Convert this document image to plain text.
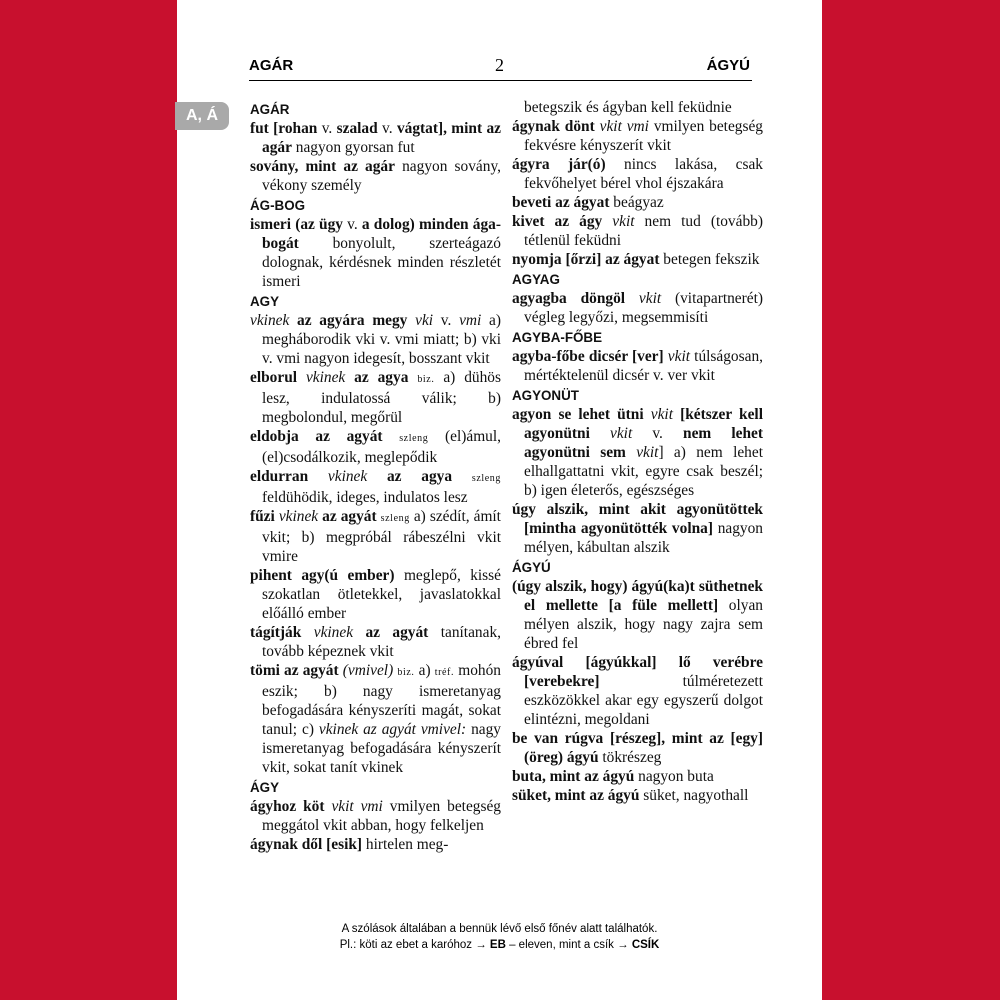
AGÁR	2	ÁGYÚ
A, Á	AGÁR
fut [rohan v. szalad v. vágtat], mint az agár nagyon gyorsan fut
sovány, mint az agár nagyon sovány, vékony személy
ÁG-BOG
ismeri (az ügy v. a dolog) minden ága-bogát bonyolult, szerteágazó dolognak, kérdésnek minden részletét ismeri
AGY
vkinek az agyára megy vki v. vmi a) megháborodik vki v. vmi miatt; b) vki v. vmi nagyon idegesít, bosszant vkit
elborul vkinek az agya biz. a) dühös lesz, indulatossá válik; b) megbolondul, megőrül
eldobja az agyát szleng (el)ámul, (el)csodálkozik, meglepődik
eldurran vkinek az agya szleng feldühödik, ideges, indulatos lesz
fűzi vkinek az agyát szleng a) szédít, ámít vkit; b) megpróbál rábeszélni vkit vmire
pihent agy(ú ember) meglepő, kissé szokatlan ötletekkel, javaslatokkal előálló ember
tágítják vkinek az agyát tanítanak, tovább képeznek vkit
tömi az agyát (vmivel) biz. a) tréf. mohón eszik; b) nagy ismeretanyag befogadására kényszeríti magát, sokat tanul; c) vkinek az agyát vmivel: nagy ismeretanyag befogadására kényszerít vkit, sokat tanít vkinek
ÁGY
ágyhoz köt vkit vmi vmilyen betegség meggátol vkit abban, hogy felkeljen
ágynak dől [esik] hirtelen meg-
betegszik és ágyban kell feküdnie
ágynak dönt vkit vmi vmilyen betegség fekvésre kényszerít vkit
ágyra jár(ó) nincs lakása, csak fekvőhelyet bérel vhol éjszakára
beveti az ágyat beágyaz
kivet az ágy vkit nem tud (tovább) tétlenül feküdni
nyomja [őrzi] az ágyat betegen fekszik
AGYAG
agyagba döngöl vkit (vitapartnerét) végleg legyőzi, megsemmisíti
AGYBA-FŐBE
agyba-főbe dicsér [ver] vkit túlságosan, mértéktelenül dicsér v. ver vkit
AGYONÜT
agyon se lehet ütni vkit [kétszer kell agyonütni vkit v. nem lehet agyonütni sem vkit] a) nem lehet elhallgattatni vkit, egyre csak beszél; b) igen életerős, egészséges
úgy alszik, mint akit agyonütöttek [mintha agyonütötték volna] nagyon mélyen, kábultan alszik
ÁGYÚ
(úgy alszik, hogy) ágyú(ka)t süthetnek el mellette [a füle mellett] olyan mélyen alszik, hogy nagy zajra sem ébred fel
ágyúval [ágyúkkal] lő verébre [verebekre] túlméretezett eszközökkel akar egy egyszerű dolgot elintézni, megoldani
be van rúgva [részeg], mint az [egy] (öreg) ágyú tökrészeg
buta, mint az ágyú nagyon buta
süket, mint az ágyú süket, nagyothall
A szólások általában a bennük lévő első főnév alatt találhatók.
Pl.: köti az ebet a karóhoz → EB – eleven, mint a csík → CSÍK
